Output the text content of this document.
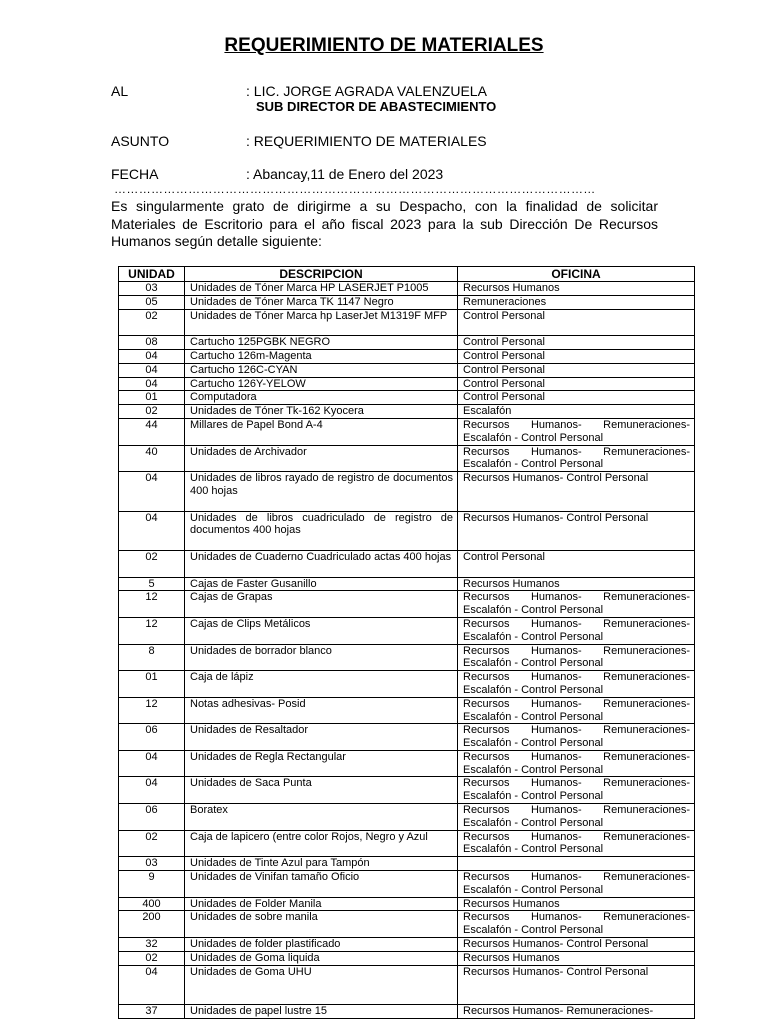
REQUERIMIENTO DE MATERIALES
AL	: LIC. JORGE AGRADA VALENZUELA
SUB DIRECTOR DE ABASTECIMIENTO
ASUNTO	: REQUERIMIENTO DE MATERIALES
FECHA	: Abancay,11 de Enero del 2023
………………………………………………………………………………………………………
Es singularmente grato de dirigirme a su Despacho, con la finalidad de solicitar Materiales de Escritorio para el año fiscal 2023 para la sub Dirección De Recursos Humanos según detalle siguiente:
UNIDAD	DESCRIPCION	OFICINA
03	Unidades de Tóner Marca HP LASERJET P1005	Recursos Humanos
05	Unidades de Tóner Marca TK 1147 Negro	Remuneraciones
02	Unidades de Tóner Marca hp LaserJet M1319F MFP	Control Personal
08	Cartucho 125PGBK NEGRO	Control Personal
04	Cartucho 126m-Magenta	Control Personal
04	Cartucho 126C-CYAN	Control Personal
04	Cartucho 126Y-YELOW	Control Personal
01	Computadora	Control Personal
02	Unidades de Tóner Tk-162 Kyocera	Escalafón
44	Millares de Papel Bond A-4	Recursos Humanos- Remuneraciones- Escalafón - Control Personal
40	Unidades de Archivador	Recursos Humanos- Remuneraciones- Escalafón - Control Personal
04	Unidades de libros rayado de registro de documentos 400 hojas	Recursos Humanos- Control Personal
04	Unidades de libros cuadriculado de registro de documentos 400 hojas	Recursos Humanos- Control Personal
02	Unidades de Cuaderno Cuadriculado actas 400 hojas	Control Personal
5	Cajas de Faster Gusanillo	Recursos Humanos
12	Cajas de Grapas	Recursos Humanos- Remuneraciones- Escalafón - Control Personal
12	Cajas de Clips Metálicos	Recursos Humanos- Remuneraciones- Escalafón - Control Personal
8	Unidades de borrador blanco	Recursos Humanos- Remuneraciones- Escalafón - Control Personal
01	Caja de lápiz	Recursos Humanos- Remuneraciones- Escalafón - Control Personal
12	Notas adhesivas- Posid	Recursos Humanos- Remuneraciones- Escalafón - Control Personal
06	Unidades de Resaltador	Recursos Humanos- Remuneraciones- Escalafón - Control Personal
04	Unidades de Regla Rectangular	Recursos Humanos- Remuneraciones- Escalafón - Control Personal
04	Unidades de Saca Punta	Recursos Humanos- Remuneraciones- Escalafón - Control Personal
06	Boratex	Recursos Humanos- Remuneraciones- Escalafón - Control Personal
02	Caja de lapicero (entre color Rojos, Negro y Azul	Recursos Humanos- Remuneraciones- Escalafón - Control Personal
03	Unidades de Tinte Azul para Tampón	
9	Unidades de Vinifan tamaño Oficio	Recursos Humanos- Remuneraciones- Escalafón - Control Personal
400	Unidades de Folder Manila	Recursos Humanos
200	Unidades de sobre manila	Recursos Humanos- Remuneraciones- Escalafón - Control Personal
32	Unidades de folder plastificado	Recursos Humanos- Control Personal
02	Unidades de Goma liquida	Recursos Humanos
04	Unidades de Goma UHU	Recursos Humanos- Control Personal
37	Unidades de papel lustre 15	Recursos Humanos- Remuneraciones-
